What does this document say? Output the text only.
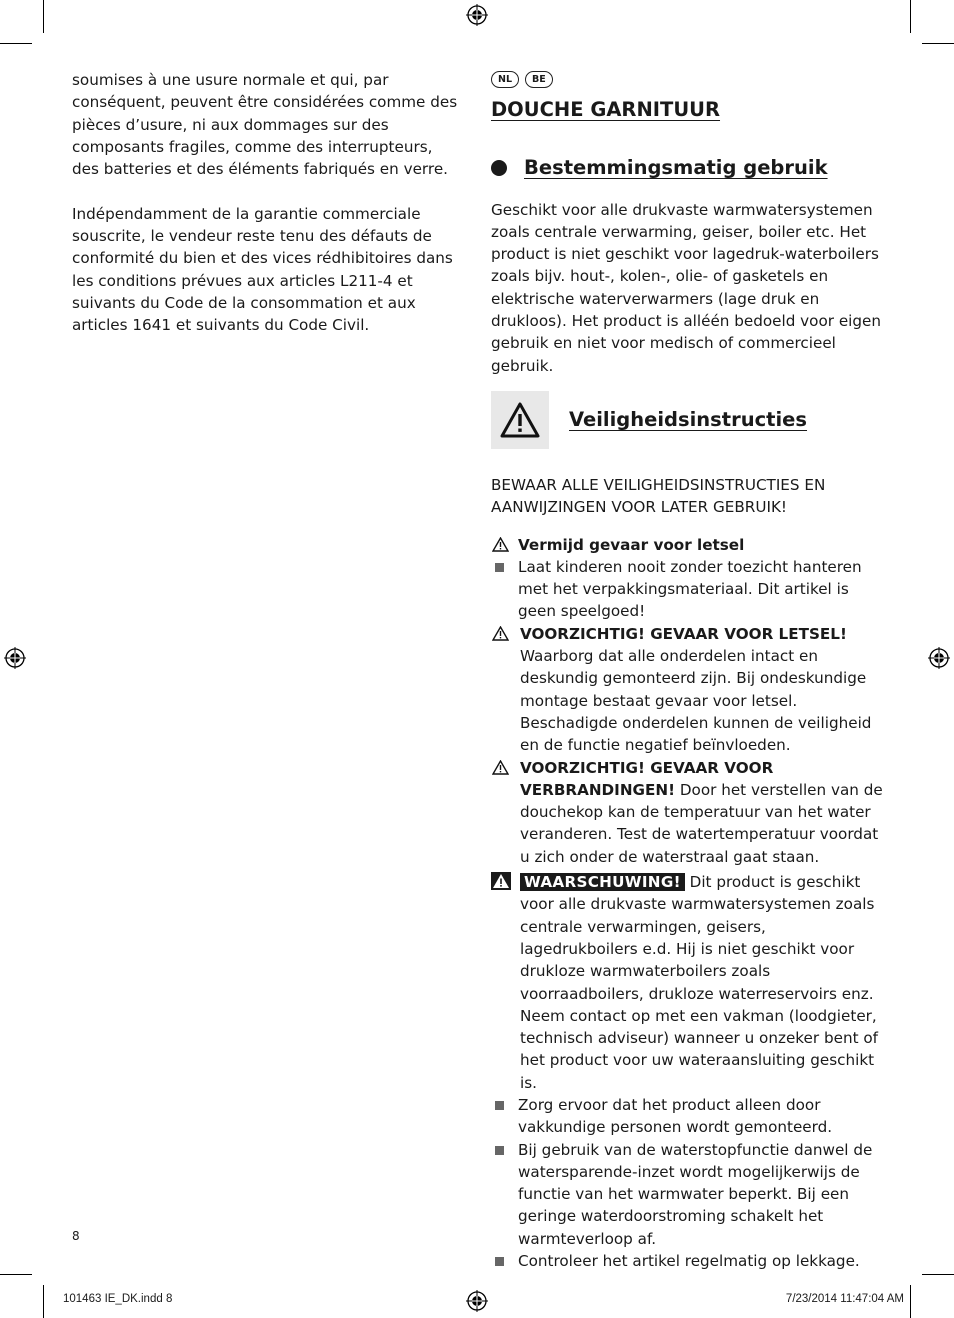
soumises à une usure normale et qui, par conséquent, peuvent être considérées comme des pièces d’usure, ni aux dommages sur des composants fragiles, comme des interrupteurs, des batteries et des éléments fabriqués en verre.

Indépendamment de la garantie commerciale souscrite, le vendeur reste tenu des défauts de conformité du bien et des vices rédhibitoires dans les conditions prévues aux articles L211-4 et suivants du Code de la consommation et aux articles 1641 et suivants du Code Civil.

NL	BE
DOUCHE GARNITUUR
Bestemmingsmatig gebruik
Geschikt voor alle drukvaste warmwatersystemen zoals centrale verwarming, geiser, boiler etc. Het product is niet geschikt voor lagedruk-waterboilers zoals bijv. hout-, kolen-, olie- of gasketels en elektrische waterverwarmers (lage druk en drukloos). Het product is alléén bedoeld voor eigen gebruik en niet voor medisch of commercieel gebruik.
Veiligheidsinstructies
BEWAAR ALLE VEILIGHEIDSINSTRUCTIES EN AANWIJZINGEN VOOR LATER GEBRUIK!
Vermijd gevaar voor letsel
Laat kinderen nooit zonder toezicht hanteren met het verpakkingsmateriaal. Dit artikel is geen speelgoed!
VOORZICHTIG! GEVAAR VOOR LETSEL!
Waarborg dat alle onderdelen intact en deskundig gemonteerd zijn. Bij ondeskundige montage bestaat gevaar voor letsel. Beschadigde onderdelen kunnen de veiligheid en de functie negatief beïnvloeden.
VOORZICHTIG! GEVAAR VOOR VERBRANDINGEN! Door het verstellen van de douchekop kan de temperatuur van het water veranderen. Test de watertemperatuur voordat u zich onder de waterstraal gaat staan.
WAARSCHUWING! Dit product is geschikt voor alle drukvaste warmwatersystemen zoals centrale verwarmingen, geisers, lagedrukboilers e.d. Hij is niet geschikt voor drukloze warmwaterboilers zoals voorraadboilers, drukloze waterreservoirs enz. Neem contact op met een vakman (loodgieter, technisch adviseur) wanneer u onzeker bent of het product voor uw wateraansluiting geschikt is.
Zorg ervoor dat het product alleen door vakkundige personen wordt gemonteerd.
Bij gebruik van de waterstopfunctie danwel de watersparende-inzet wordt mogelijkerwijs de functie van het warmwater beperkt. Bij een geringe waterdoorstroming schakelt het warmteverloop af.
Controleer het artikel regelmatig op lekkage.
8
101463 IE_DK.indd 8	7/23/2014 11:47:04 AM
